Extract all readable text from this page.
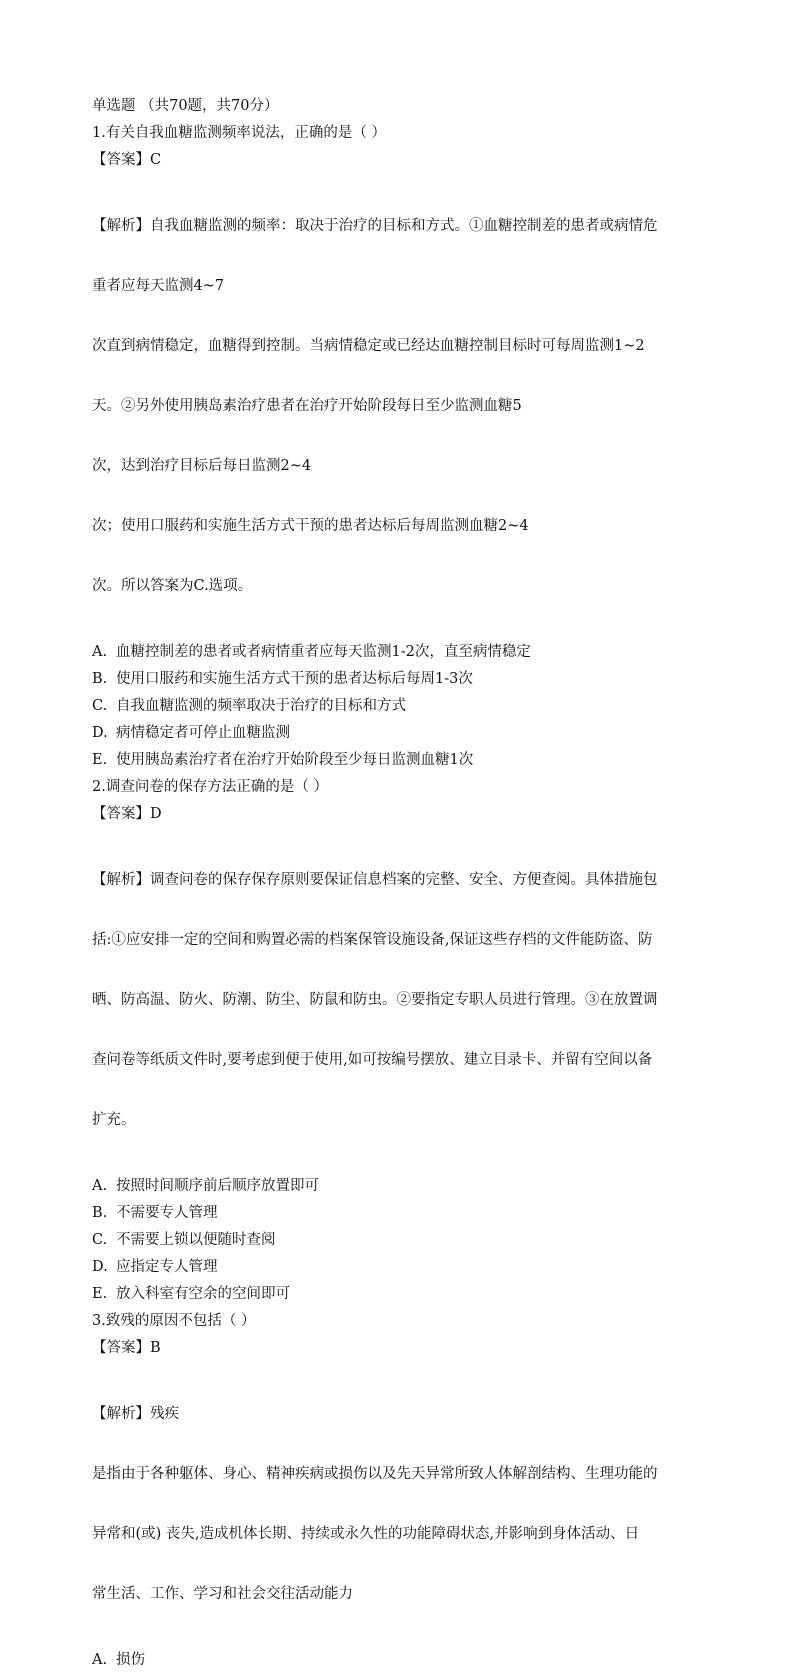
单选题 （共70题，共70分）
1.有关自我血糖监测频率说法，正确的是（ ）
【答案】C

【解析】自我血糖监测的频率：取决于治疗的目标和方式。①血糖控制差的患者或病情危

重者应每天监测4~7

次直到病情稳定，血糖得到控制。当病情稳定或已经达血糖控制目标时可每周监测1~2

天。②另外使用胰岛素治疗患者在治疗开始阶段每日至少监测血糖5

次，达到治疗目标后每日监测2~4

次；使用口服药和实施生活方式干预的患者达标后每周监测血糖2~4

次。所以答案为C.选项。

A. 血糖控制差的患者或者病情重者应每天监测1-2次，直至病情稳定
B. 使用口服药和实施生活方式干预的患者达标后每周1-3次
C. 自我血糖监测的频率取决于治疗的目标和方式
D. 病情稳定者可停止血糖监测
E. 使用胰岛素治疗者在治疗开始阶段至少每日监测血糖1次
2.调查问卷的保存方法正确的是（ ）
【答案】D

【解析】调查问卷的保存保存原则要保证信息档案的完整、安全、方便查阅。具体措施包

括:①应安排一定的空间和购置必需的档案保管设施设备,保证这些存档的文件能防盗、防

晒、防高温、防火、防潮、防尘、防鼠和防虫。②要指定专职人员进行管理。③在放置调

查问卷等纸质文件时,要考虑到便于使用,如可按编号摆放、建立目录卡、并留有空间以备

扩充。

A. 按照时间顺序前后顺序放置即可
B. 不需要专人管理
C. 不需要上锁以便随时查阅
D. 应指定专人管理
E. 放入科室有空余的空间即可
3.致残的原因不包括（ ）
【答案】B

【解析】残疾

是指由于各种躯体、身心、精神疾病或损伤以及先天异常所致人体解剖结构、生理功能的

异常和(或) 丧失,造成机体长期、持续或永久性的功能障碍状态,并影响到身体活动、日

常生活、工作、学习和社会交往活动能力

A. 损伤
